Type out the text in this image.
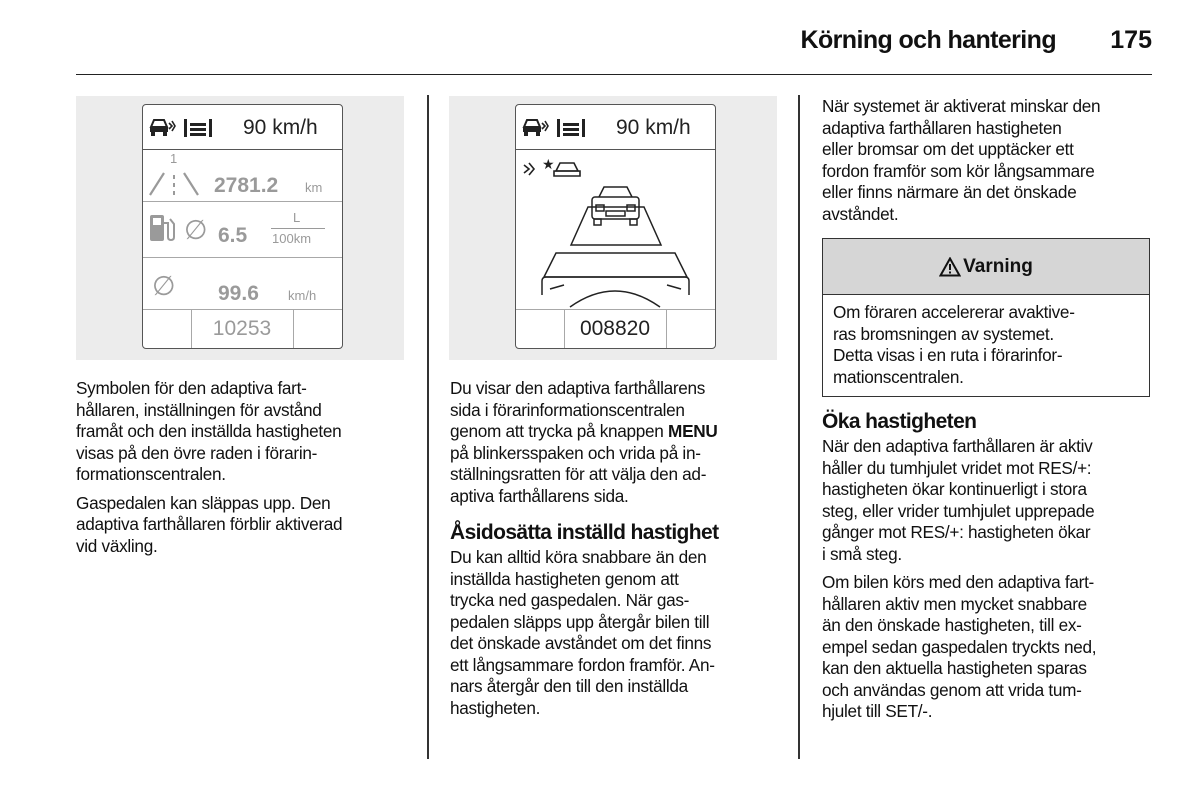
Körning och hantering	175
90 km/h
1
2781.2 km
∅ 6.5
L
100km
∅ 99.6 km/h
10253
90 km/h
★
008820

Symbolen för den adaptiva fart-
hållaren, inställningen för avstånd
framåt och den inställda hastigheten
visas på den övre raden i förarin-
formationscentralen.

Gaspedalen kan släppas upp. Den
adaptiva farthållaren förblir aktiverad
vid växling.

Du visar den adaptiva farthållarens
sida i förarinformationscentralen
genom att trycka på knappen MENU
på blinkersspaken och vrida på in-
ställningsratten för att välja den ad-
aptiva farthållarens sida.

Åsidosätta inställd hastighet

Du kan alltid köra snabbare än den
inställda hastigheten genom att
trycka ned gaspedalen. När gas-
pedalen släpps upp återgår bilen till
det önskade avståndet om det finns
ett långsammare fordon framför. An-
nars återgår den till den inställda
hastigheten.

När systemet är aktiverat minskar den
adaptiva farthållaren hastigheten
eller bromsar om det upptäcker ett
fordon framför som kör långsammare
eller finns närmare än det önskade
avståndet.

Varning
Om föraren accelererar avaktive-
ras bromsningen av systemet.
Detta visas i en ruta i förarinfor-
mationscentralen.
Öka hastigheten

När den adaptiva farthållaren är aktiv
håller du tumhjulet vridet mot RES/+:
hastigheten ökar kontinuerligt i stora
steg, eller vrider tumhjulet upprepade
gånger mot RES/+: hastigheten ökar
i små steg.

Om bilen körs med den adaptiva fart-
hållaren aktiv men mycket snabbare
än den önskade hastigheten, till ex-
empel sedan gaspedalen tryckts ned,
kan den aktuella hastigheten sparas
och användas genom att vrida tum-
hjulet till SET/-.
